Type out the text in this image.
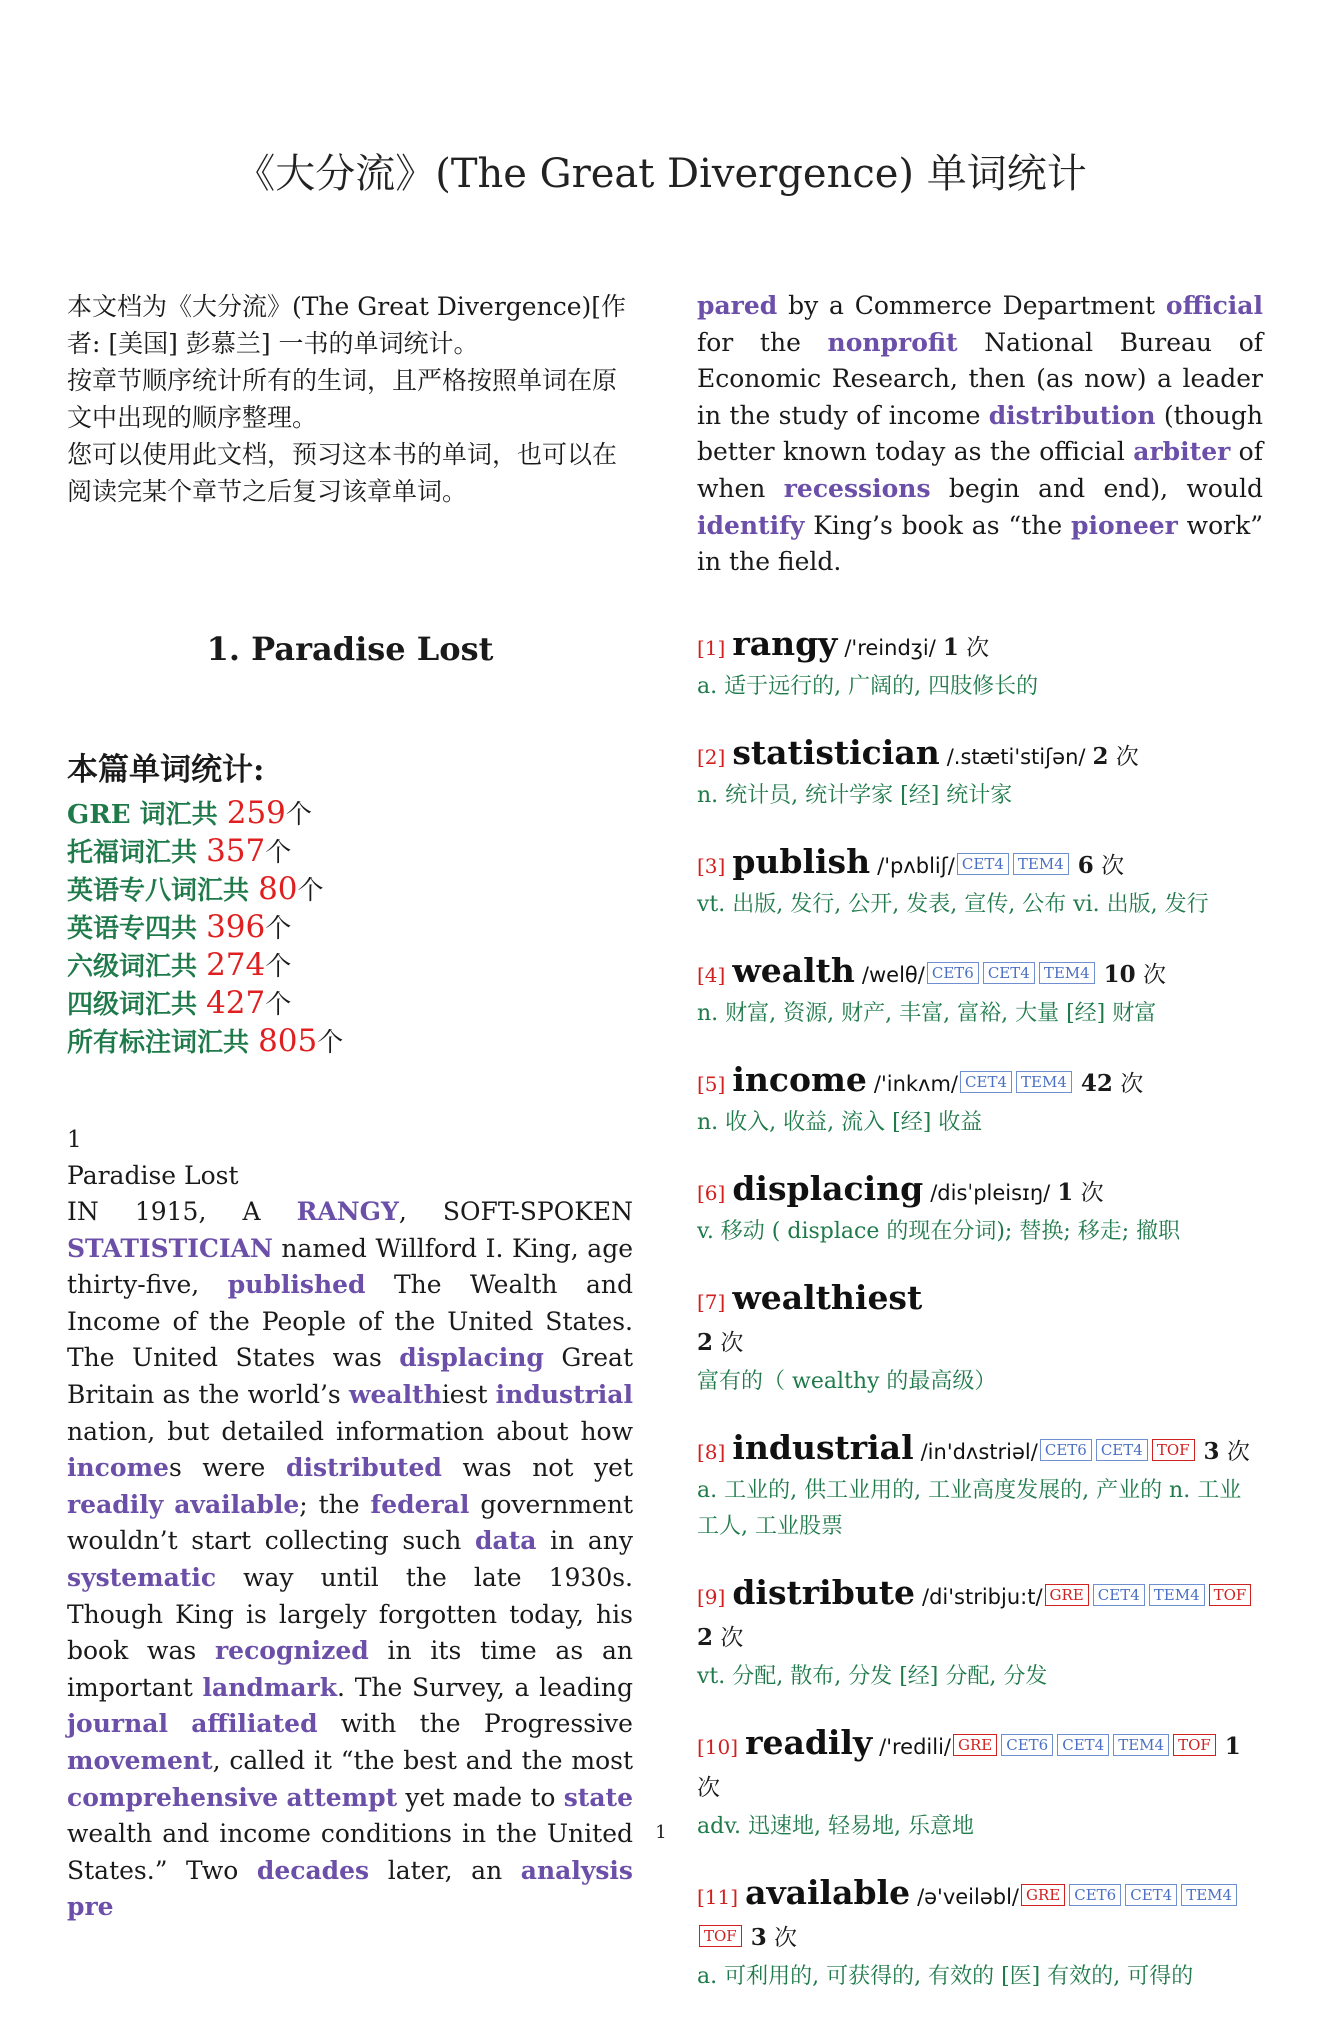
《大分流》(The Great Divergence) 单词统计

本文档为《大分流》(The Great Divergence)[作者: [美国] 彭慕兰] 一书的单词统计。

按章节顺序统计所有的生词，且严格按照单词在原文中出现的顺序整理。

您可以使用此文档，预习这本书的单词，也可以在阅读完某个章节之后复习该章单词。

1. Paradise Lost
本篇单词统计:
GRE 词汇共 259个
托福词汇共 357个
英语专八词汇共 80个
英语专四共 396个
六级词汇共 274个
四级词汇共 427个
所有标注词汇共 805个
1
Paradise Lost
IN 1915, A RANGY, SOFT-SPOKEN STATISTICIAN named Willford I. King, age thirty-five, published The Wealth and Income of the People of the United States. The United States was displacing Great Britain as the world’s wealthiest industrial nation, but detailed information about how incomes were distributed was not yet readily available; the federal government wouldn’t start collecting such data in any systematic way until the late 1930s. Though King is largely forgotten today, his book was recognized in its time as an important landmark. The Survey, a leading journal affiliated with the Progressive movement, called it “the best and the most comprehensive attempt yet made to state wealth and income conditions in the United States.” Two decades later, an analysis pre

pared by a Commerce Department official for the nonprofit National Bureau of Economic Research, then (as now) a leader in the study of income distribution (though better known today as the official arbiter of when recessions begin and end), would identify King’s book as “the pioneer work” in the field.

[1] rangy /'reindʒi/ 1 次
a. 适于远行的, 广阔的, 四肢修长的
[2] statistician /.stæti'stiʃən/ 2 次
n. 统计员, 统计学家 [经] 统计家
[3] publish /'pʌbliʃ/ CET4 TEM4 6 次
vt. 出版, 发行, 公开, 发表, 宣传, 公布 vi. 出版, 发行
[4] wealth /welθ/ CET6 CET4 TEM4 10 次
n. 财富, 资源, 财产, 丰富, 富裕, 大量 [经] 财富
[5] income /'inkʌm/ CET4 TEM4 42 次
n. 收入, 收益, 流入 [经] 收益
[6] displacing /disˈpleisɪŋ/ 1 次
v. 移动 ( displace 的现在分词); 替换; 移走; 撤职
[7] wealthiest
2 次
富有的（ wealthy 的最高级）
[8] industrial /in'dʌstriəl/ CET6 CET4 TOF 3 次
a. 工业的, 供工业用的, 工业高度发展的, 产业的 n. 工业工人, 工业股票
[9] distribute /di'stribju:t/ GRE CET4 TEM4 TOF 2 次
vt. 分配, 散布, 分发 [经] 分配, 分发
[10] readily /'redili/ GRE CET6 CET4 TEM4 TOF 1 次
adv. 迅速地, 轻易地, 乐意地
[11] available /ə'veiləbl/ GRE CET6 CET4 TEM4TOF 3 次
a. 可利用的, 可获得的, 有效的 [医] 有效的, 可得的
1
